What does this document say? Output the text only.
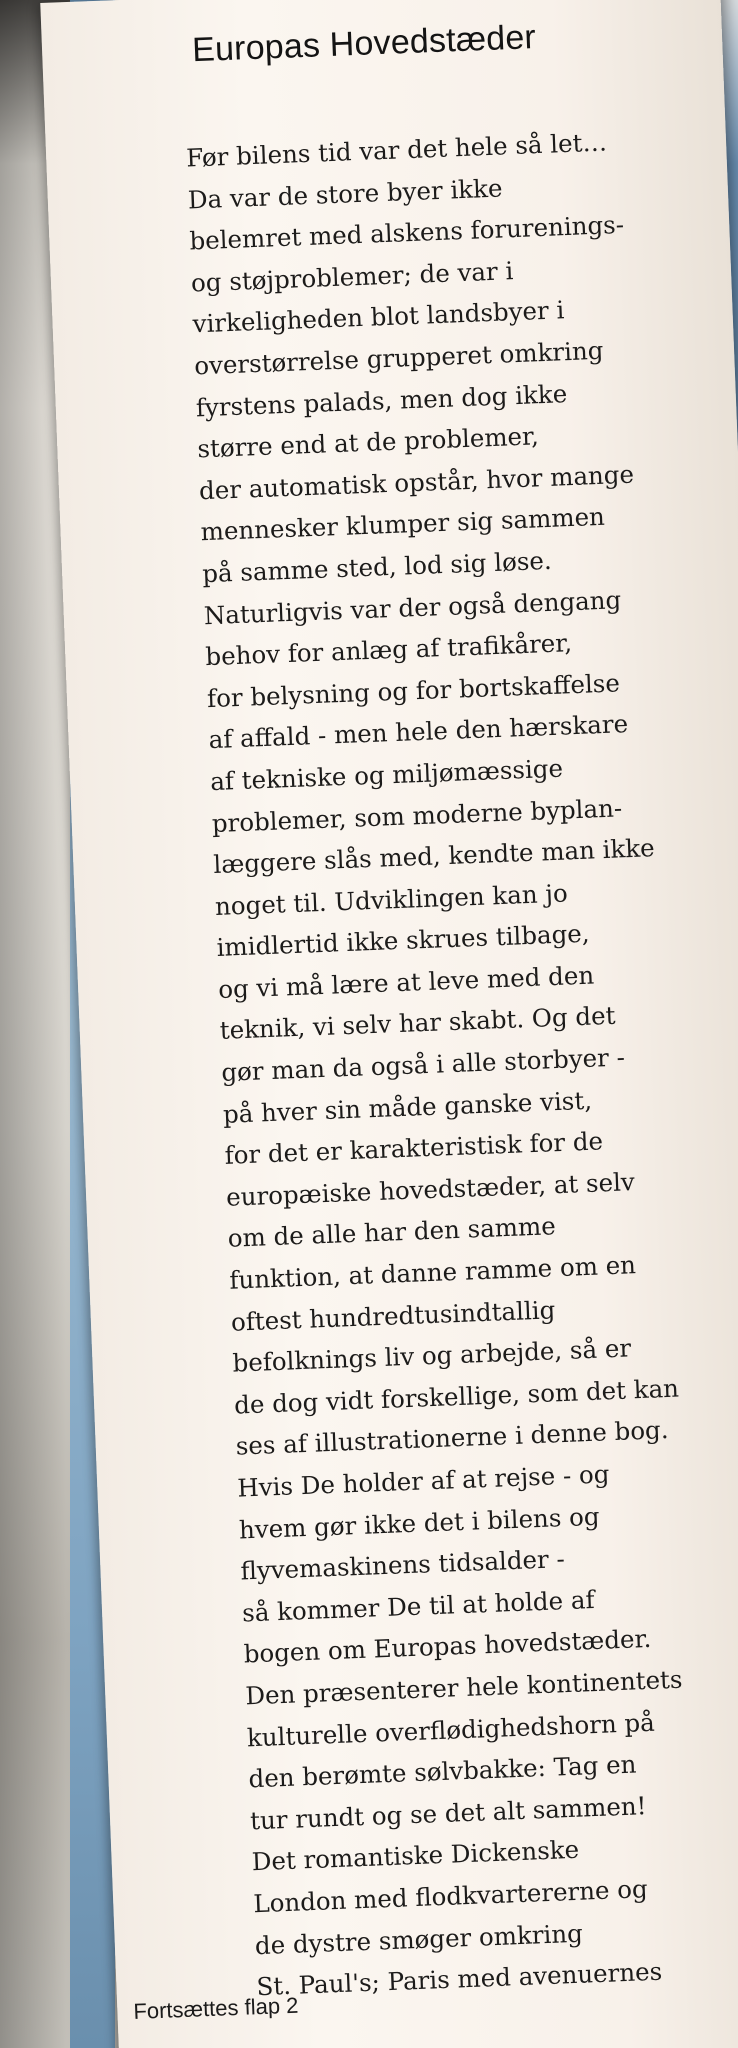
Europas Hovedstæder
Før bilens tid var det hele så let…
Da var de store byer ikke
belemret med alskens forurenings-
og støjproblemer; de var i
virkeligheden blot landsbyer i
overstørrelse grupperet omkring
fyrstens palads, men dog ikke
større end at de problemer,
der automatisk opstår, hvor mange
mennesker klumper sig sammen
på samme sted, lod sig løse.
Naturligvis var der også dengang
behov for anlæg af trafikårer,
for belysning og for bortskaffelse
af affald - men hele den hærskare
af tekniske og miljømæssige
problemer, som moderne byplan-
læggere slås med, kendte man ikke
noget til. Udviklingen kan jo
imidlertid ikke skrues tilbage,
og vi må lære at leve med den
teknik, vi selv har skabt. Og det
gør man da også i alle storbyer -
på hver sin måde ganske vist,
for det er karakteristisk for de
europæiske hovedstæder, at selv
om de alle har den samme
funktion, at danne ramme om en
oftest hundredtusindtallig
befolknings liv og arbejde, så er
de dog vidt forskellige, som det kan
ses af illustrationerne i denne bog.
Hvis De holder af at rejse - og
hvem gør ikke det i bilens og
flyvemaskinens tidsalder -
så kommer De til at holde af
bogen om Europas hovedstæder.
Den præsenterer hele kontinentets
kulturelle overflødighedshorn på
den berømte sølvbakke: Tag en
tur rundt og se det alt sammen!
Det romantiske Dickenske
London med flodkvartererne og
de dystre smøger omkring
St. Paul's; Paris med avenuernes
Fortsættes flap 2
